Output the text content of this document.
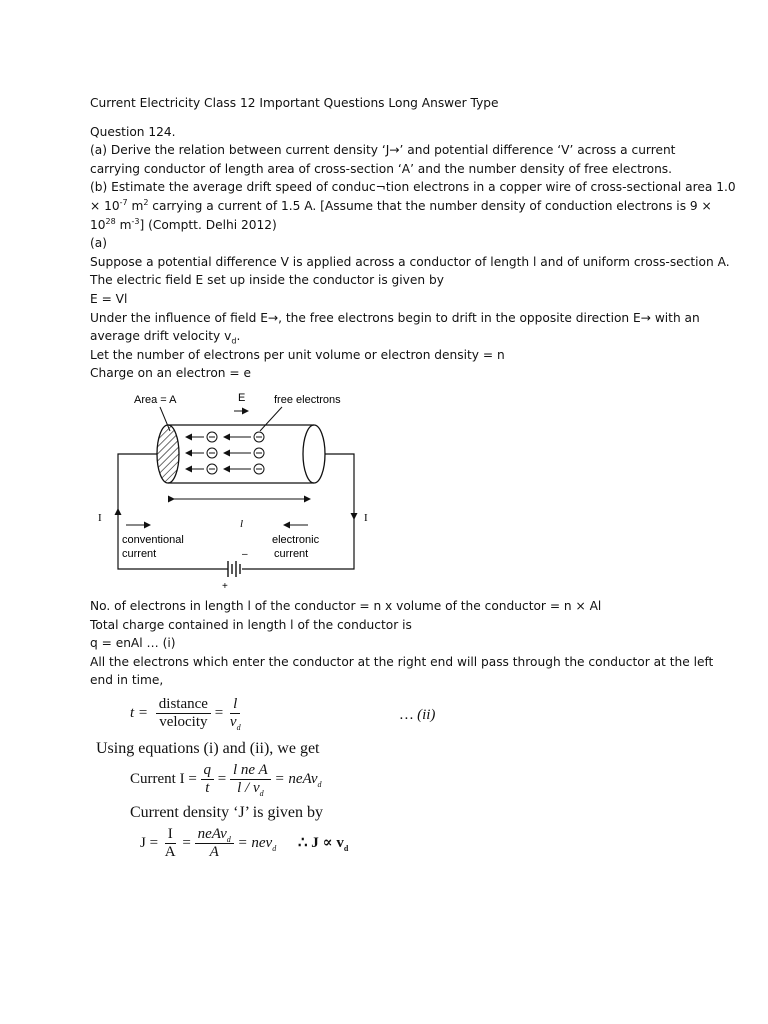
Current Electricity Class 12 Important Questions Long Answer Type
Question 124.
(a) Derive the relation between current density ‘J→’ and potential difference ‘V’ across a current
carrying conductor of length area of cross-section ‘A’ and the number density of free electrons.
(b) Estimate the average drift speed of conduc¬tion electrons in a copper wire of cross-sectional area 1.0
× $10^{-7}$ $m^2$ carrying a current of 1.5 A. [Assume that the number density of conduction electrons is 9 ×
$10^{28}$ $m^{-3}$] (Comptt. Delhi 2012)
(a)
Suppose a potential difference V is applied across a conductor of length l and of uniform cross-section A.
The electric field E set up inside the conductor is given by
E = Vl
Under the influence of field E→, the free electrons begin to drift in the opposite direction E→ with an
average drift velocity $v_d$.
Let the number of electrons per unit volume or electron density = n
Charge on an electron = e
Area = A	E	free electrons
+
–
I	I
l
conventional
current
electronic
current
No. of electrons in length l of the conductor = n x volume of the conductor = n × Al
Total charge contained in length l of the conductor is
q = enAl … (i)
All the electrons which enter the conductor at the right end will pass through the conductor at the left
end in time,
$t = \frac{\text{distance}}{\text{velocity}} = \frac{l}{v_d}$	… (ii)
Using equations (i) and (ii), we get
Current $I = \frac{q}{t} = \frac{\text{l ne A}}{l / v_d}$ = neAv$_d$
Current density ‘J’ is given by
$J = \frac{I}{A} = \frac{neAv_d}{A} = nev_d$ ∴ $J \propto v_d$
